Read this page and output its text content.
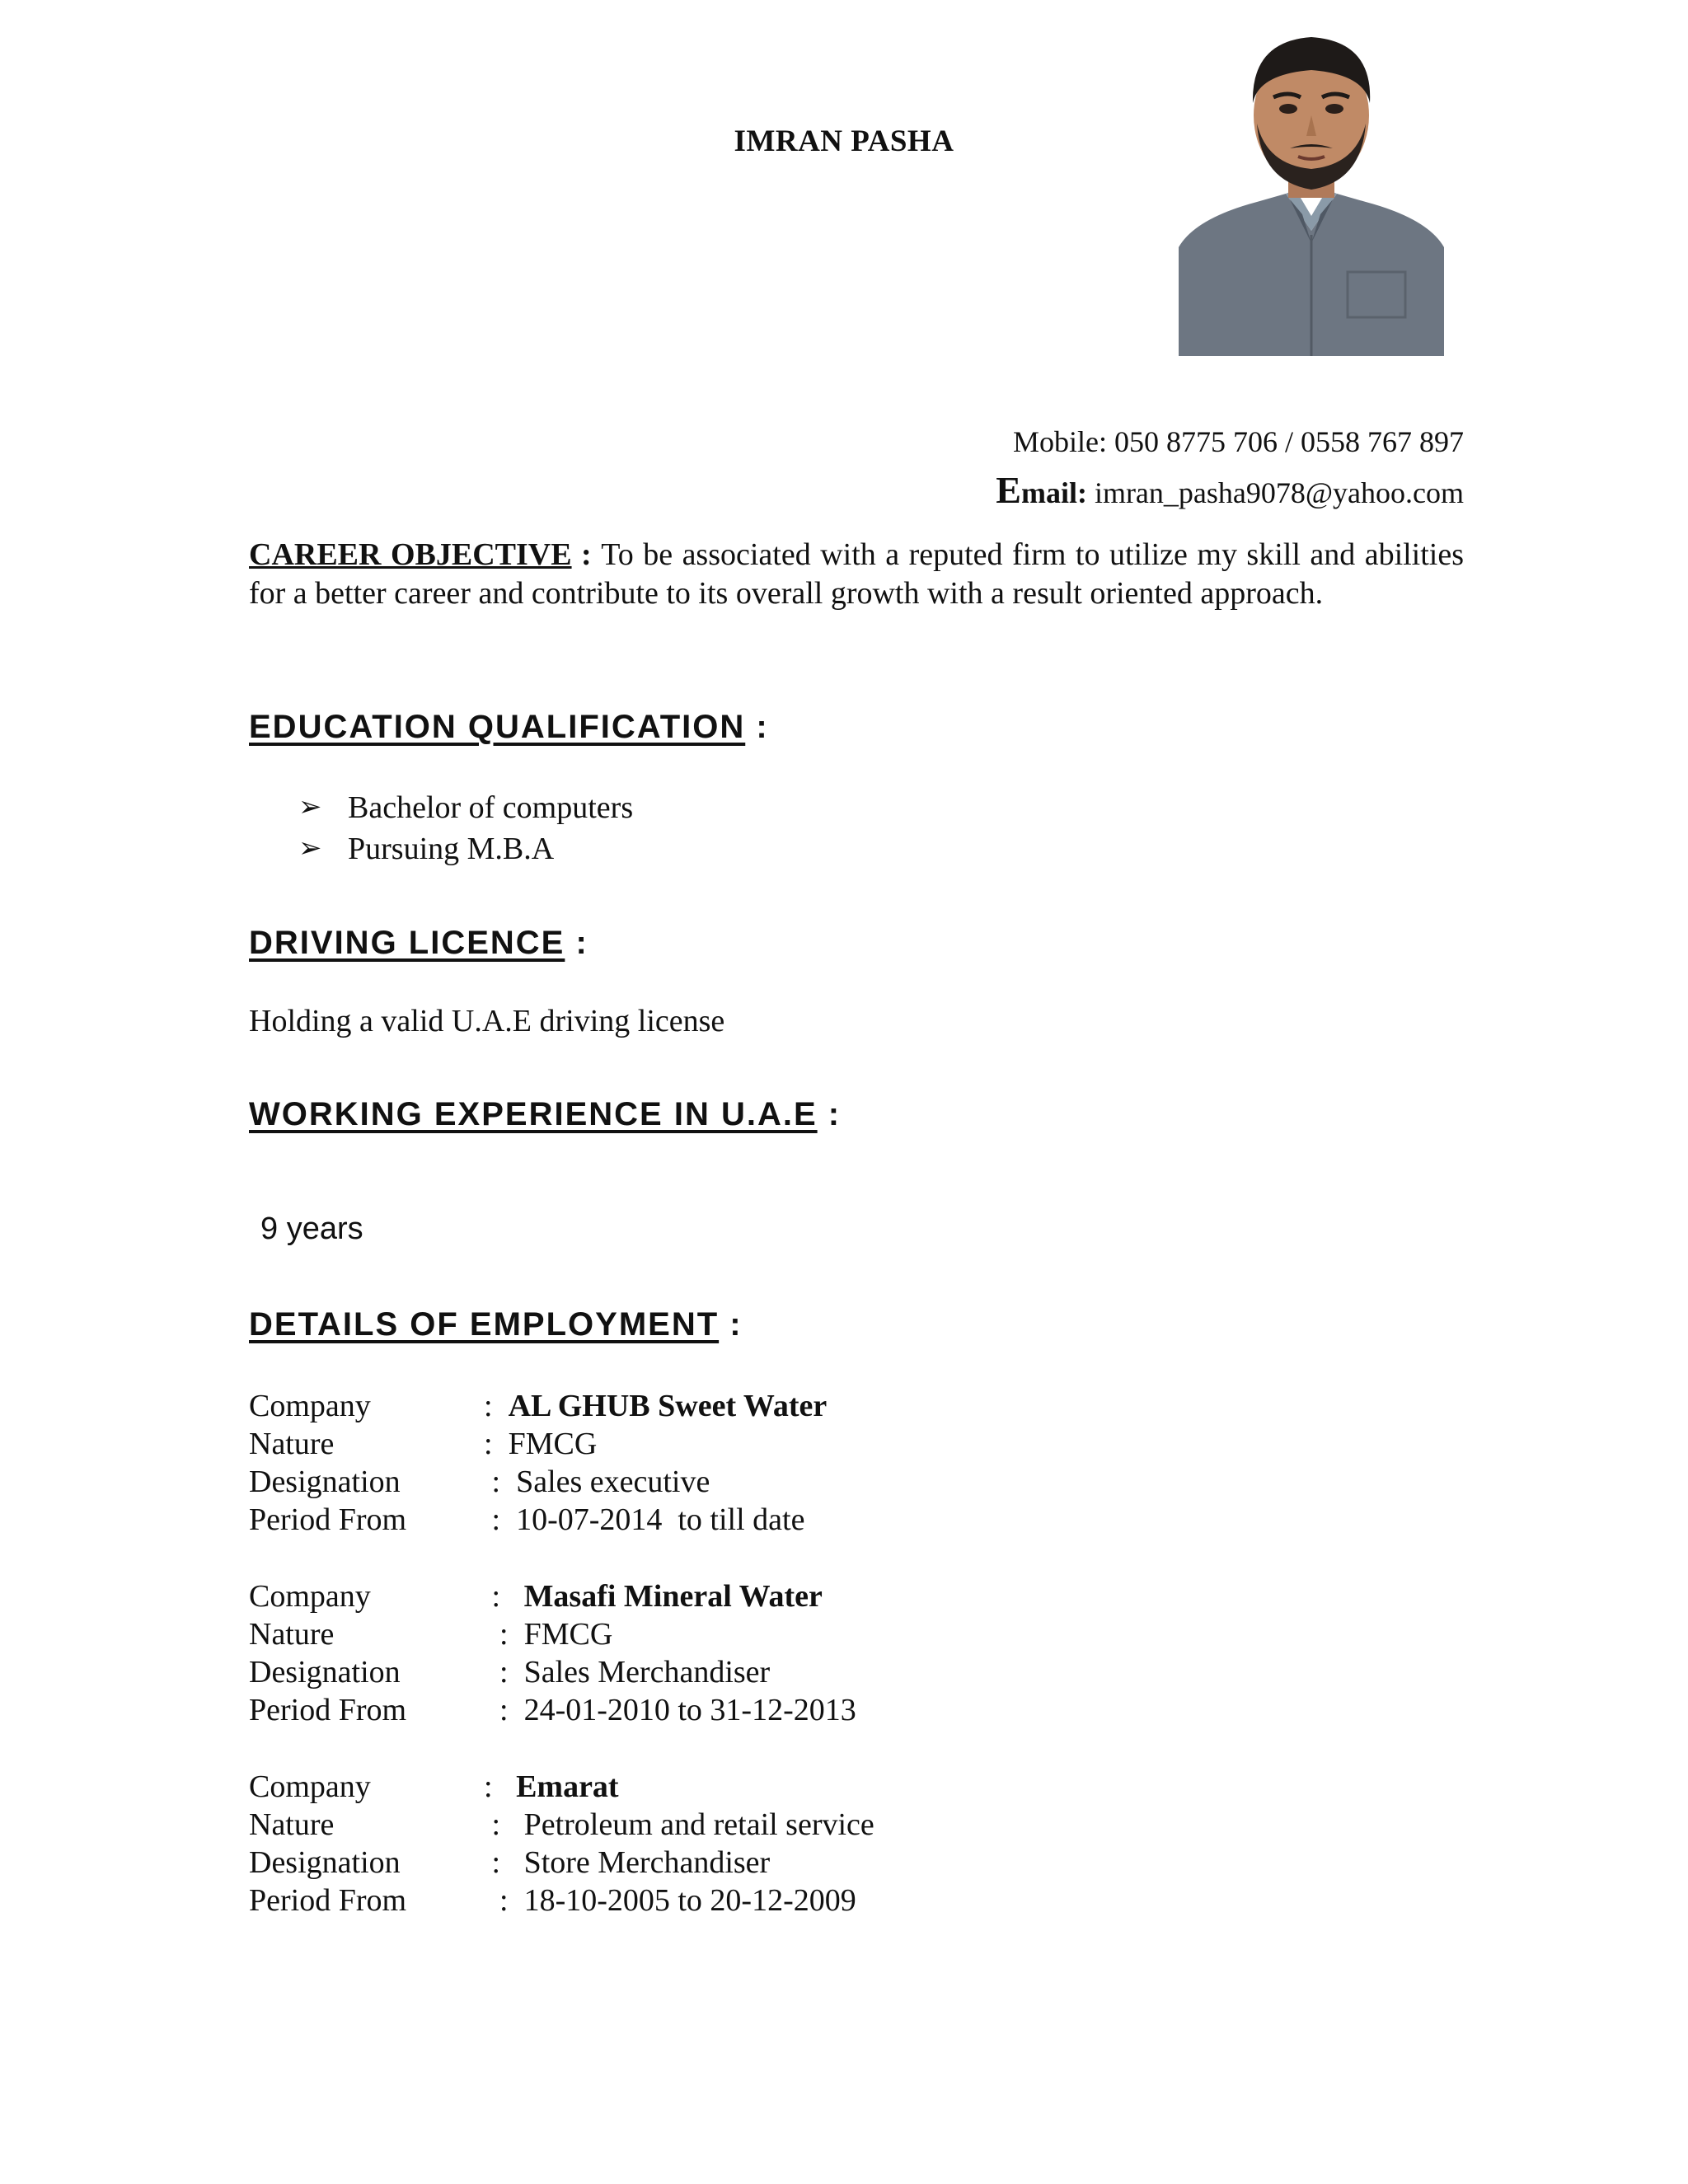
IMRAN PASHA
Mobile: 050 8775 706 / 0558 767 897
Email: imran_pasha9078@yahoo.com
CAREER OBJECTIVE : To be associated with a reputed firm to utilize my skill and abilities for a better career and contribute to its overall growth with a result oriented approach.
EDUCATION QUALIFICATION :
➢ Bachelor of computers
➢ Pursuing M.B.A
DRIVING LICENCE :
Holding a valid U.A.E driving license
WORKING EXPERIENCE IN U.A.E :
9 years
DETAILS OF EMPLOYMENT :
Company	: AL GHUB Sweet Water
Nature	: FMCG
Designation	: Sales executive
Period From	: 10-07-2014  to till date
Company	: Masafi Mineral Water
Nature	: FMCG
Designation	: Sales Merchandiser
Period From	: 24-01-2010 to 31-12-2013
Company	: Emarat
Nature	: Petroleum and retail service
Designation	: Store Merchandiser
Period From	: 18-10-2005 to 20-12-2009
